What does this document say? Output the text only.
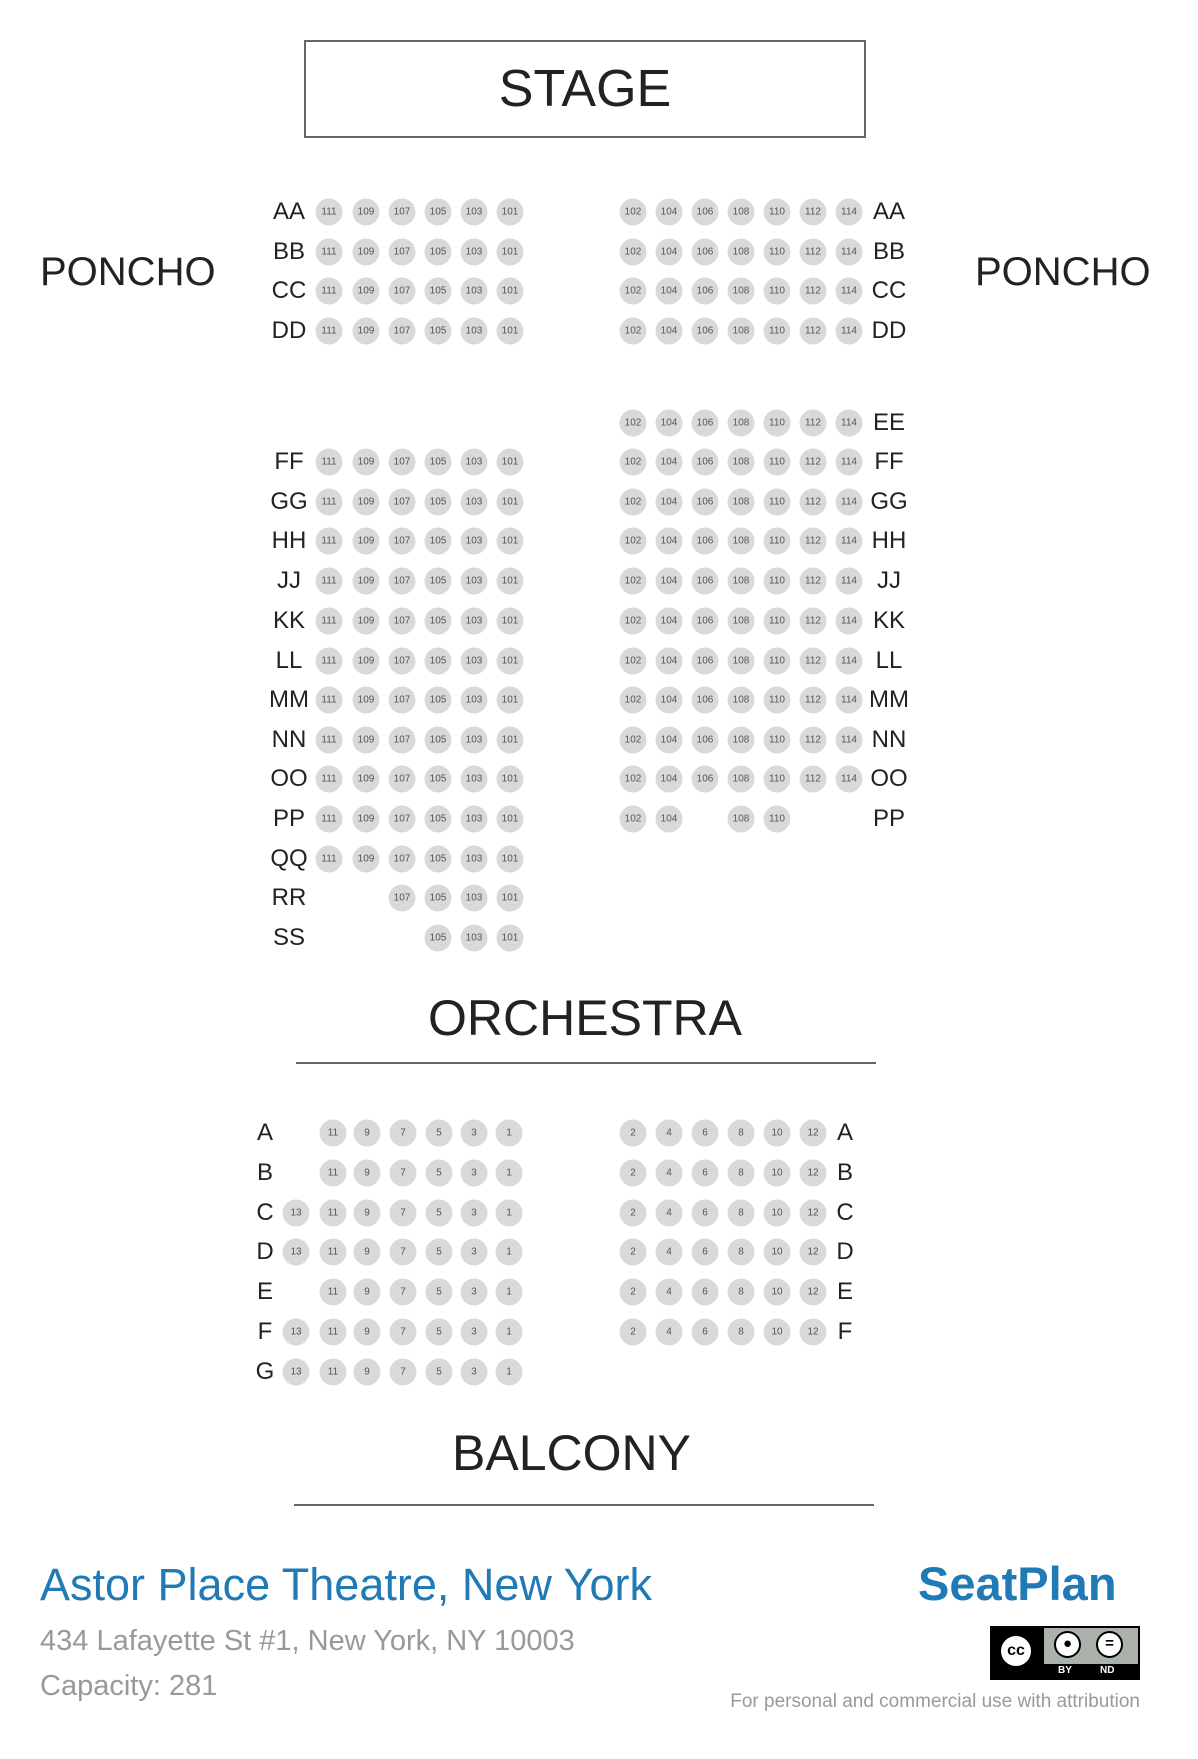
STAGE
PONCHO	PONCHO
AA	AA
111	109	107	105	103	101	102	104	106	108	110	112	114
BB	BB
111	109	107	105	103	101	102	104	106	108	110	112	114
CC	CC
111	109	107	105	103	101	102	104	106	108	110	112	114
DD	DD
111	109	107	105	103	101	102	104	106	108	110	112	114
EE
102	104	106	108	110	112	114
FF	FF
111	109	107	105	103	101	102	104	106	108	110	112	114
GG	GG
111	109	107	105	103	101	102	104	106	108	110	112	114
HH	HH
111	109	107	105	103	101	102	104	106	108	110	112	114
JJ	JJ
111	109	107	105	103	101	102	104	106	108	110	112	114
KK	KK
111	109	107	105	103	101	102	104	106	108	110	112	114
LL	LL
111	109	107	105	103	101	102	104	106	108	110	112	114
MM	MM
111	109	107	105	103	101	102	104	106	108	110	112	114
NN	NN
111	109	107	105	103	101	102	104	106	108	110	112	114
OO	OO
111	109	107	105	103	101	102	104	106	108	110	112	114
PP	PP
111	109	107	105	103	101	102	104	108	110
QQ	111	109	107	105	103	101
RR	107	105	103	101
SS	105	103	101
ORCHESTRA
A	A
11	9	7	5	3	1	2	4	6	8	10	12
B	B
11	9	7	5	3	1	2	4	6	8	10	12
C	C
13	11	9	7	5	3	1	2	4	6	8	10	12
D	D
13	11	9	7	5	3	1	2	4	6	8	10	12
E	E
11	9	7	5	3	1	2	4	6	8	10	12
F	F
13	11	9	7	5	3	1	2	4	6	8	10	12
G	13	11	9	7	5	3	1
BALCONY
Astor Place Theatre, New York
434 Lafayette St #1, New York, NY 10003
Capacity: 281
SeatPlan
cc	●	=
BY	ND
For personal and commercial use with attribution
